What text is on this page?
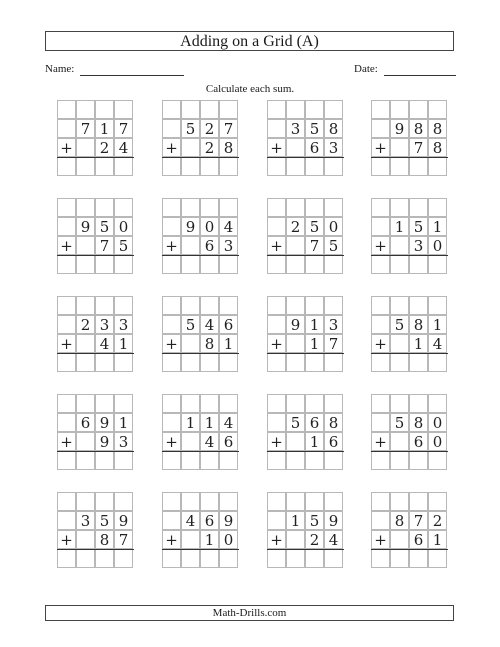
Adding on a Grid (A)
Name:	Date:
Calculate each sum.
7 1 7
+	2 4
5 2 7
+	2 8
3 5 8
+	6 3
9 8 8
+	7 8
9 5 0
+	7 5
9 0 4
+	6 3
2 5 0
+	7 5
1 5 1
+	3 0
2 3 3
+	4 1
5 4 6
+	8 1
9 1 3
+	1 7
5 8 1
+	1 4
6 9 1
+	9 3
1 1 4
+	4 6
5 6 8
+	1 6
5 8 0
+	6 0
3 5 9
+	8 7
4 6 9
+	1 0
1 5 9
+	2 4
8 7 2
+	6 1
Math-Drills.com
